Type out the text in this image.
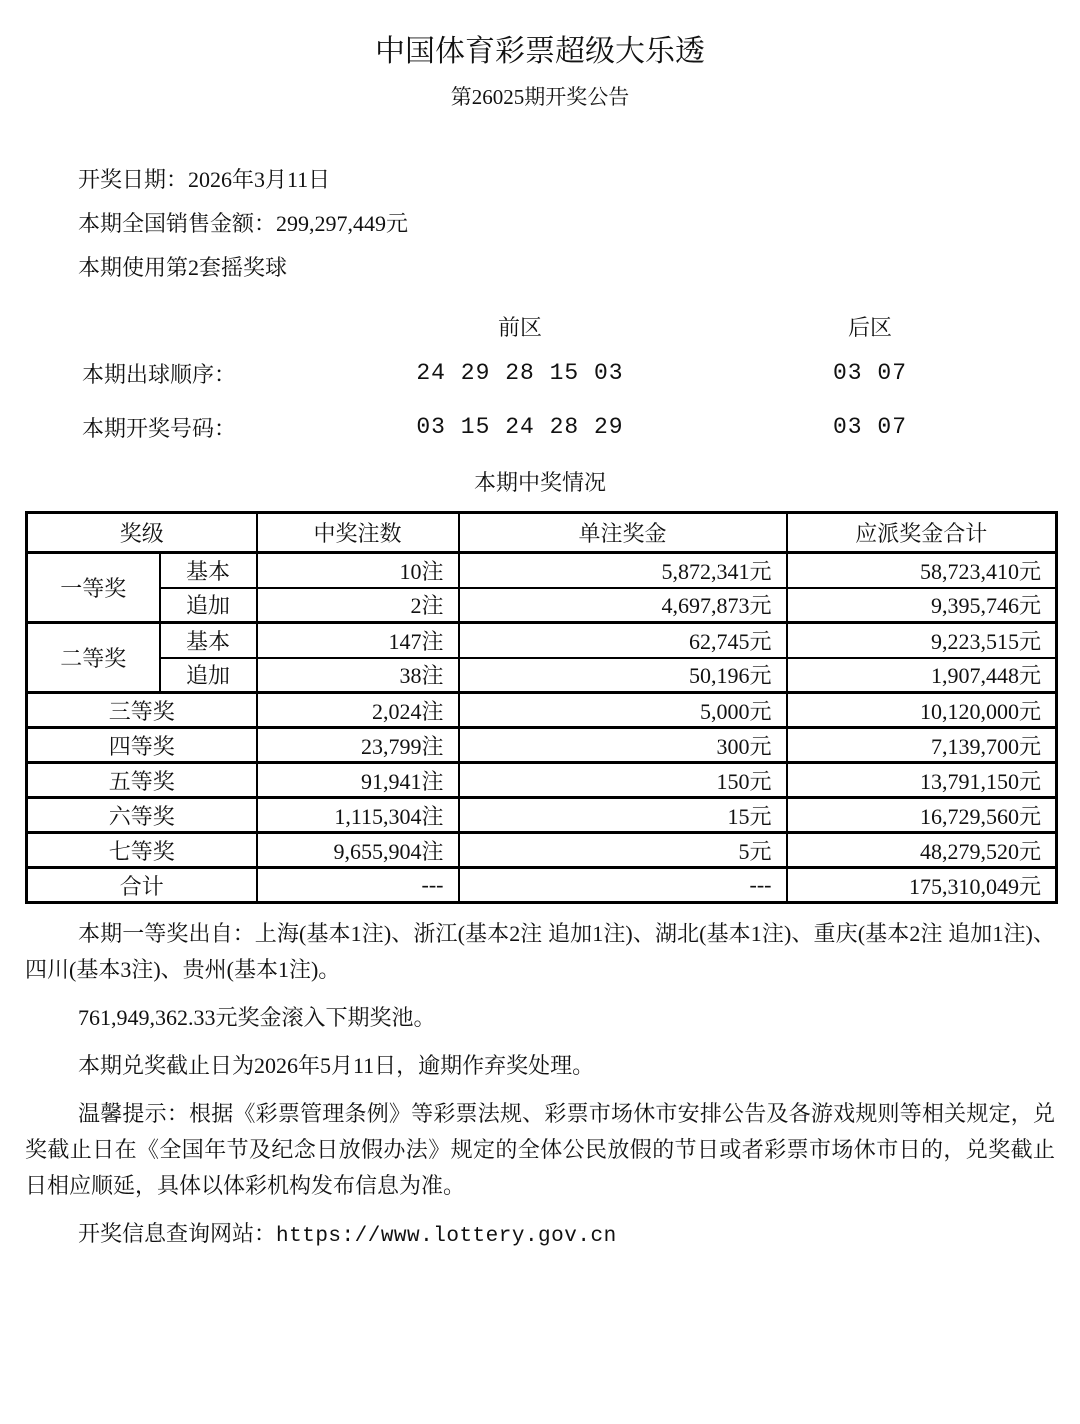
中国体育彩票超级大乐透
第26025期开奖公告

开奖日期：2026年3月11日

本期全国销售金额：299,297,449元

本期使用第2套摇奖球

前区	后区
本期出球顺序：	24 29 28 15 03	03 07
本期开奖号码：	03 15 24 28 29	03 07
本期中奖情况
奖级		中奖注数	单注奖金	应派奖金合计
一等奖	基本	10注	5,872,341元	58,723,410元
	追加	2注	4,697,873元	9,395,746元
二等奖	基本	147注	62,745元	9,223,515元
	追加	38注	50,196元	1,907,448元
三等奖		2,024注	5,000元	10,120,000元
四等奖		23,799注	300元	7,139,700元
五等奖		91,941注	150元	13,791,150元
六等奖		1,115,304注	15元	16,729,560元
七等奖		9,655,904注	5元	48,279,520元
合计		---	---	175,310,049元

本期一等奖出自：上海(基本1注)、浙江(基本2注 追加1注)、湖北(基本1注)、重庆(基本2注 追加1注)、四川(基本3注)、贵州(基本1注)。

761,949,362.33元奖金滚入下期奖池。

本期兑奖截止日为2026年5月11日，逾期作弃奖处理。

温馨提示：根据《彩票管理条例》等彩票法规、彩票市场休市安排公告及各游戏规则等相关规定，兑奖截止日在《全国年节及纪念日放假办法》规定的全体公民放假的节日或者彩票市场休市日的，兑奖截止日相应顺延，具体以体彩机构发布信息为准。

开奖信息查询网站：https://www.lottery.gov.cn
